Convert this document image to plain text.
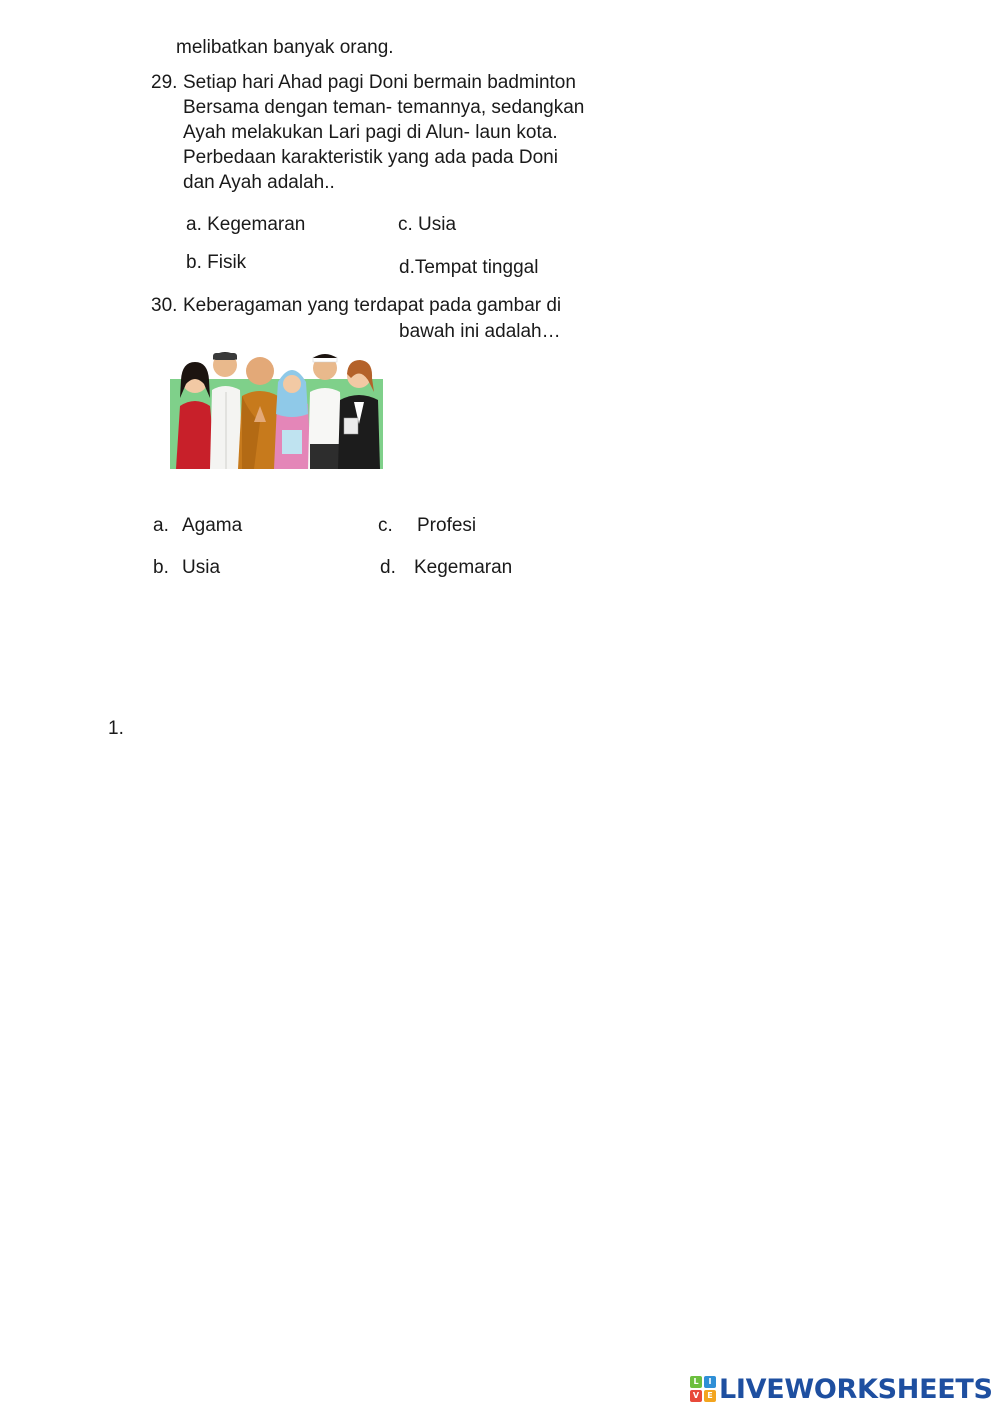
melibatkan banyak orang.
29. Setiap hari Ahad pagi Doni bermain badminton
Bersama dengan teman- temannya, sedangkan
Ayah melakukan Lari pagi di Alun- laun kota.
Perbedaan karakteristik yang ada pada Doni
dan Ayah adalah..
a. Kegemaran	c. Usia
b. Fisik	d.Tempat tinggal
30. Keberagaman yang terdapat pada gambar di
bawah ini adalah…
a. Agama	c. Profesi
b. Usia	d. Kegemaran
1.
L	I
V	E LIVEWORKSHEETS
